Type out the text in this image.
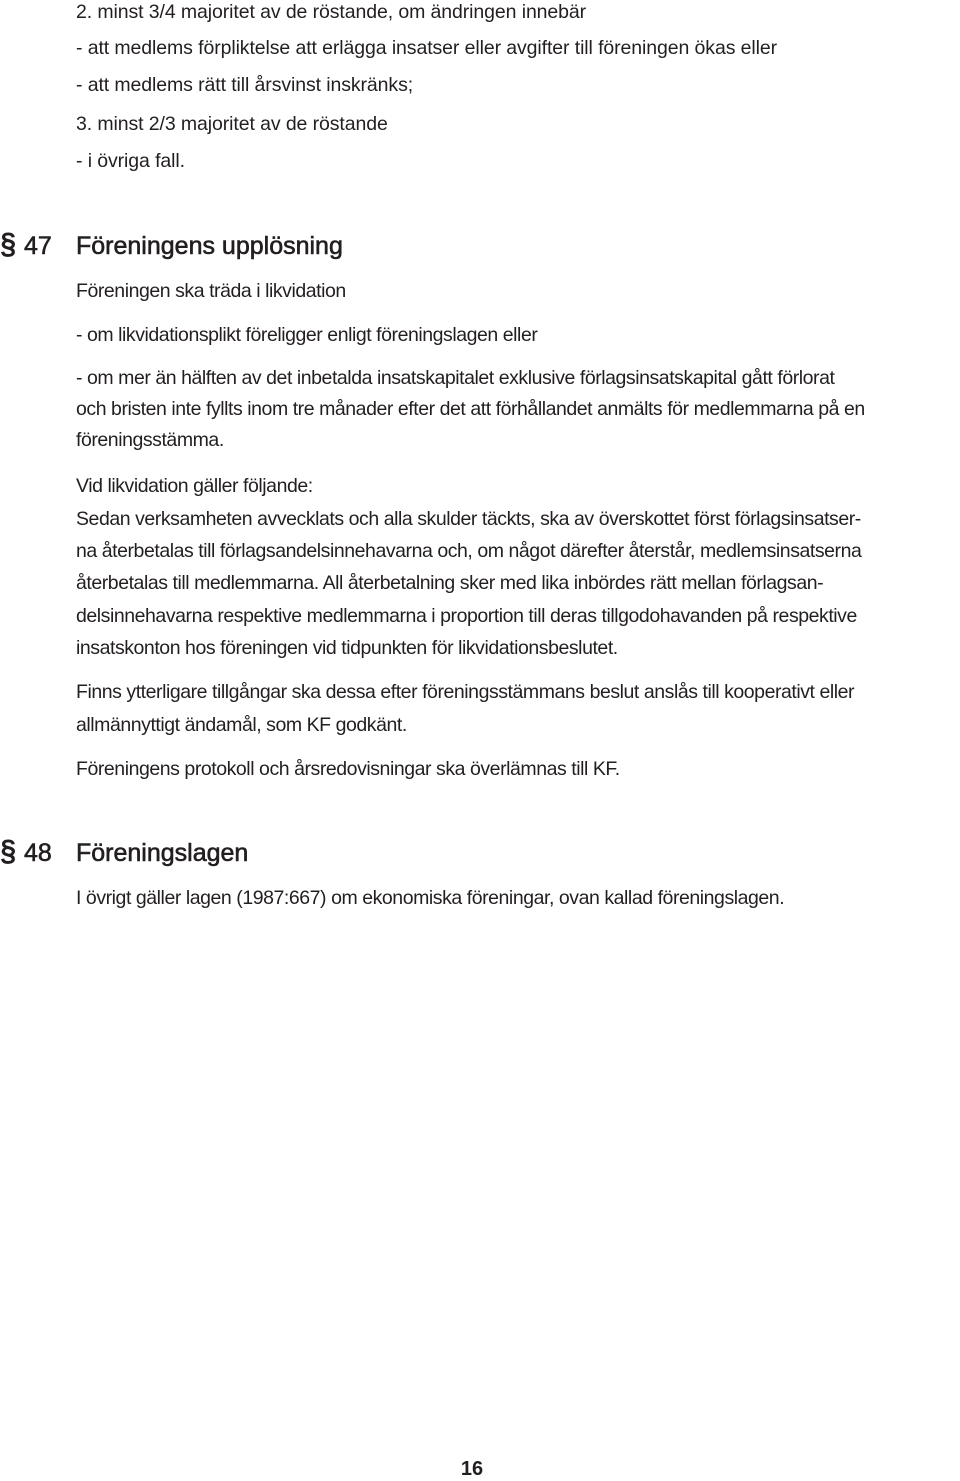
2. minst 3/4 majoritet av de röstande, om ändringen innebär
- att medlems förpliktelse att erlägga insatser eller avgifter till föreningen ökas eller
- att medlems rätt till årsvinst inskränks;
3. minst 2/3 majoritet av de röstande
- i övriga fall.
§ 47 Föreningens upplösning
Föreningen ska träda i likvidation
- om likvidationsplikt föreligger enligt föreningslagen eller
- om mer än hälften av det inbetalda insatskapitalet exklusive förlagsinsatskapital gått förlorat
och bristen inte fyllts inom tre månader efter det att förhållandet anmälts för medlemmarna på en
föreningsstämma.
Vid likvidation gäller följande:
Sedan verksamheten avvecklats och alla skulder täckts, ska av överskottet först förlagsinsatser-
na återbetalas till förlagsandelsinnehavarna och, om något därefter återstår, medlemsinsatserna
återbetalas till medlemmarna. All återbetalning sker med lika inbördes rätt mellan förlagsan-
delsinnehavarna respektive medlemmarna i proportion till deras tillgodohavanden på respektive
insatskonton hos föreningen vid tidpunkten för likvidationsbeslutet.
Finns ytterligare tillgångar ska dessa efter föreningsstämmans beslut anslås till kooperativt eller
allmännyttigt ändamål, som KF godkänt.
Föreningens protokoll och årsredovisningar ska överlämnas till KF.
§ 48 Föreningslagen
I övrigt gäller lagen (1987:667) om ekonomiska föreningar, ovan kallad föreningslagen.
16
